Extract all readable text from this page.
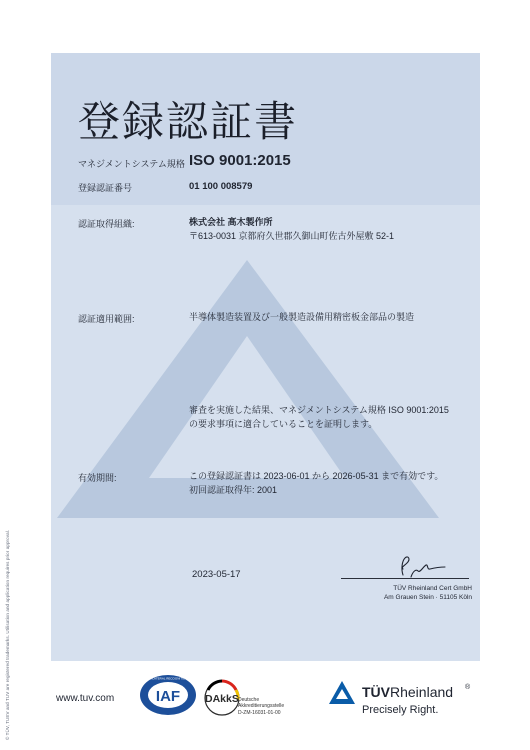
© TÜV, TUEV and TUV are registered trademarks. Utilisation and application requires prior approval.
登録認証書
マネジメントシステム規格 ISO 9001:2015
登録認証番号	01 100 008579
認証取得組織:	株式会社 高木製作所
〒613-0031 京都府久世郡久御山町佐古外屋敷 52-1
認証適用範囲:	半導体製造装置及び一般製造設備用精密板金部品の製造
審査を実施した結果、マネジメントシステム規格 ISO 9001:2015
の要求事項に適合していることを証明します。
有効期間:	この登録認証書は 2023-06-01 から 2026-05-31 まで有効です。
初回認証取得年: 2001
2023-05-17
TÜV Rheinland Cert GmbH
Am Grauen Stein · 51105 Köln
www.tuv.com	IAF
MEMBER OF MULTILATERAL RECOGNITION ARRANGEMENT
DAkkS Deutsche
Akkreditierungsstelle
D-ZM-16031-01-00
TÜVRheinland ®
Precisely Right.
